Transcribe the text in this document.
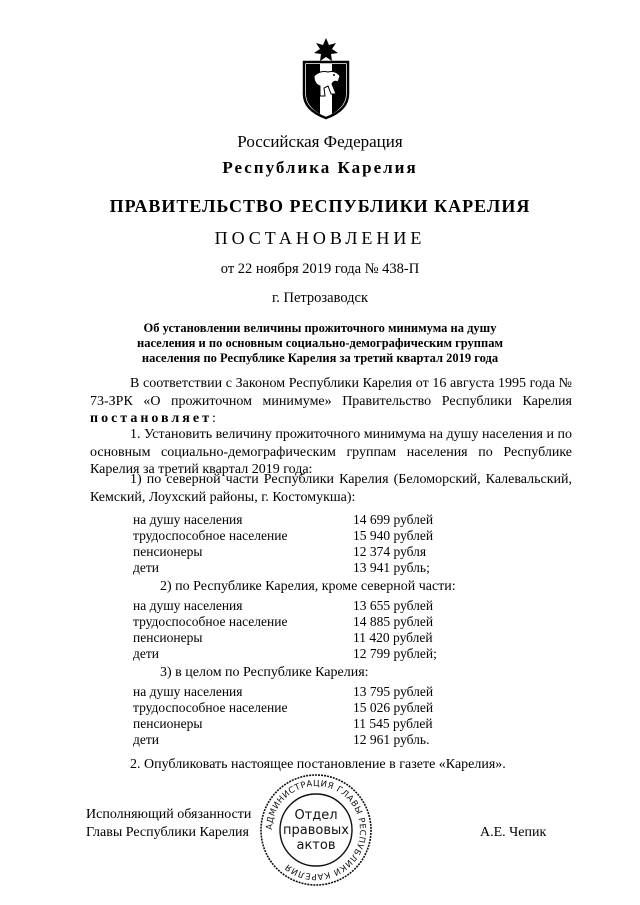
Российская Федерация
Республика Карелия
ПРАВИТЕЛЬСТВО РЕСПУБЛИКИ КАРЕЛИЯ
ПОСТАНОВЛЕНИЕ
от 22 ноября 2019 года № 438-П
г. Петрозаводск
Об установлении величины прожиточного минимума на душу
населения и по основным социально-демографическим группам
населения по Республике Карелия за третий квартал 2019 года
В соответствии с Законом Республики Карелия от 16 августа 1995 года № 73-ЗРК «О прожиточном минимуме» Правительство Республики Карелия постановляет:
1. Установить величину прожиточного минимума на душу населения и по основным социально-демографическим группам населения по Республике Карелия за третий квартал 2019 года:
1) по северной части Республики Карелия (Беломорский, Калевальский, Кемский, Лоухский районы, г. Костомукша):
на душу населения	14 699 рублей
трудоспособное население	15 940 рублей
пенсионеры	12 374 рубля
дети	13 941 рубль;
2) по Республике Карелия, кроме северной части:
на душу населения	13 655 рублей
трудоспособное население	14 885 рублей
пенсионеры	11 420 рублей
дети	12 799 рублей;
3) в целом по Республике Карелия:
на душу населения	13 795 рублей
трудоспособное население	15 026 рублей
пенсионеры	11 545 рублей
дети	12 961 рубль.
2. Опубликовать настоящее постановление в газете «Карелия».
Исполняющий обязанности
Главы Республики Карелия	А.Е. Чепик
АДМИНИСТРАЦИЯ ГЛАВЫ РЕСПУБЛИКИ КАРЕЛИЯ
Отдел
правовых
актов
